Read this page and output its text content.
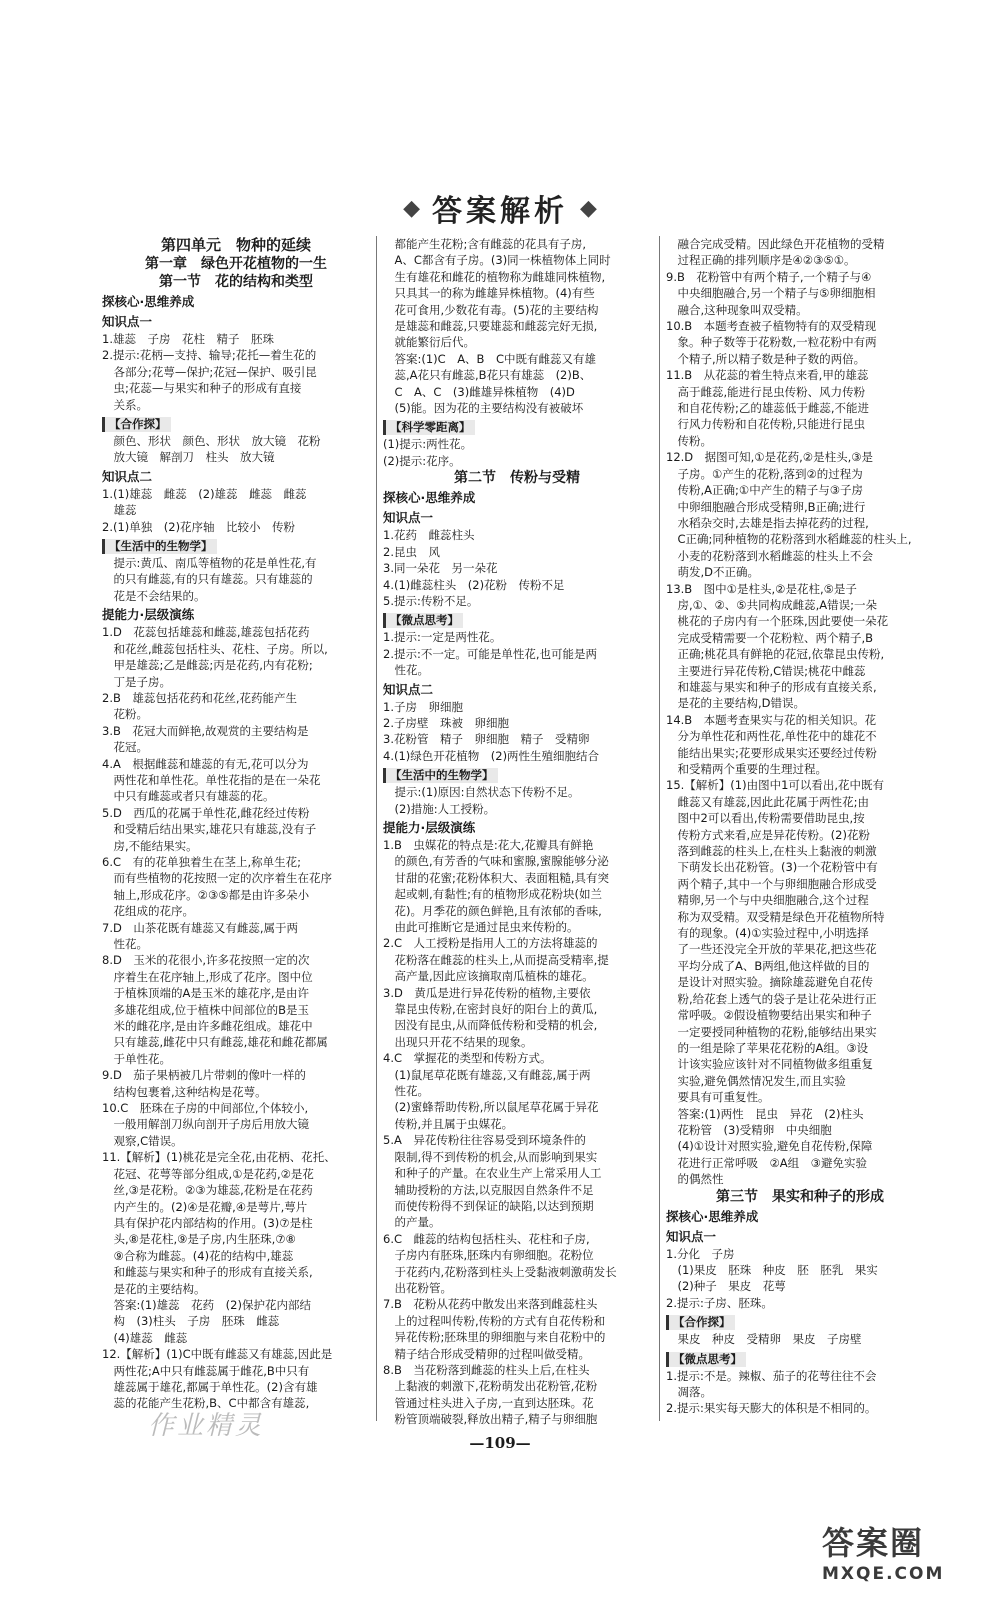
◆ 答案解析 ◆
第四单元　物种的延续
第一章　绿色开花植物的一生
第一节　花的结构和类型
探核心·思维养成
知识点一

1.雄蕊　子房　花柱　精子　胚珠

2.提示:花柄—支持、输导;花托—着生花的

　各部分;花萼—保护;花冠—保护、吸引昆

　虫;花蕊—与果实和种子的形成有直接

　关系。

【合作探】

　颜色、形状　颜色、形状　放大镜　花粉

　放大镜　解剖刀　柱头　放大镜

知识点二

1.(1)雄蕊　雌蕊　(2)雄蕊　雌蕊　雌蕊

　雄蕊

2.(1)单独　(2)花序轴　比较小　传粉

【生活中的生物学】

　提示:黄瓜、南瓜等植物的花是单性花,有

　的只有雌蕊,有的只有雄蕊。只有雄蕊的

　花是不会结果的。

提能力·层级演练

1.D　花蕊包括雄蕊和雌蕊,雄蕊包括花药

　和花丝,雌蕊包括柱头、花柱、子房。所以,

　甲是雄蕊;乙是雌蕊;丙是花药,内有花粉;

　丁是子房。

2.B　雄蕊包括花药和花丝,花药能产生

　花粉。

3.B　花冠大而鲜艳,故观赏的主要结构是

　花冠。

4.A　根据雌蕊和雄蕊的有无,花可以分为

　两性花和单性花。单性花指的是在一朵花

　中只有雌蕊或者只有雄蕊的花。

5.D　西瓜的花属于单性花,雌花经过传粉

　和受精后结出果实,雄花只有雄蕊,没有子

　房,不能结果实。

6.C　有的花单独着生在茎上,称单生花;

　而有些植物的花按照一定的次序着生在花序

　轴上,形成花序。②③⑤都是由许多朵小

　花组成的花序。

7.D　山茶花既有雄蕊又有雌蕊,属于两

　性花。

8.D　玉米的花很小,许多花按照一定的次

　序着生在花序轴上,形成了花序。图中位

　于植株顶端的A是玉米的雄花序,是由许

　多雄花组成,位于植株中间部位的B是玉

　米的雌花序,是由许多雌花组成。雄花中

　只有雄蕊,雌花中只有雌蕊,雄花和雌花都属

　于单性花。

9.D　茄子果柄被几片带刺的像叶一样的

　结构包裹着,这种结构是花萼。

10.C　胚珠在子房的中间部位,个体较小,

　一般用解剖刀纵向剖开子房后用放大镜

　观察,C错误。

11.【解析】(1)桃花是完全花,由花柄、花托、

　花冠、花萼等部分组成,①是花药,②是花

　丝,③是花粉。②③为雄蕊,花粉是在花药

　内产生的。(2)④是花瓣,④是萼片,萼片

　具有保护花内部结构的作用。(3)⑦是柱

　头,⑧是花柱,⑨是子房,内生胚珠,⑦⑧

　⑨合称为雌蕊。(4)花的结构中,雄蕊

　和雌蕊与果实和种子的形成有直接关系,

　是花的主要结构。

　答案:(1)雄蕊　花药　(2)保护花内部结

　构　(3)柱头　子房　胚珠　雌蕊

　(4)雄蕊　雌蕊

12.【解析】(1)C中既有雌蕊又有雄蕊,因此是

　两性花;A中只有雌蕊属于雌花,B中只有

　雄蕊属于雄花,都属于单性花。(2)含有雄

　蕊的花能产生花粉,B、C中都含有雄蕊,

　都能产生花粉;含有雌蕊的花具有子房,

　A、C都含有子房。(3)同一株植物体上同时

　生有雄花和雌花的植物称为雌雄同株植物,

　只具其一的称为雌雄异株植物。(4)有些

　花可食用,少数花有毒。(5)花的主要结构

　是雄蕊和雌蕊,只要雄蕊和雌蕊完好无损,

　就能繁衍后代。

　答案:(1)C　A、B　C中既有雌蕊又有雄

　蕊,A花只有雌蕊,B花只有雄蕊　(2)B、

　C　A、C　(3)雌雄异株植物　(4)D

　(5)能。因为花的主要结构没有被破坏

【科学零距离】

(1)提示:两性花。

(2)提示:花序。

第二节　传粉与受精
探核心·思维养成
知识点一

1.花药　雌蕊柱头

2.昆虫　风

3.同一朵花　另一朵花

4.(1)雌蕊柱头　(2)花粉　传粉不足

5.提示:传粉不足。

【微点思考】

1.提示:一定是两性花。

2.提示:不一定。可能是单性花,也可能是两

　性花。

知识点二

1.子房　卵细胞

2.子房壁　珠被　卵细胞

3.花粉管　精子　卵细胞　精子　受精卵

4.(1)绿色开花植物　(2)两性生殖细胞结合

【生活中的生物学】

　提示:(1)原因:自然状态下传粉不足。

　(2)措施:人工授粉。

提能力·层级演练

1.B　虫媒花的特点是:花大,花瓣具有鲜艳

　的颜色,有芳香的气味和蜜腺,蜜腺能够分泌

　甘甜的花蜜;花粉体积大、表面粗糙,具有突

　起或刺,有黏性;有的植物形成花粉块(如兰

　花)。月季花的颜色鲜艳,且有浓郁的香味,

　由此可推断它是通过昆虫来传粉的。

2.C　人工授粉是指用人工的方法将雄蕊的

　花粉落在雌蕊的柱头上,从而提高受精率,提

　高产量,因此应该摘取南瓜植株的雄花。

3.D　黄瓜是进行异花传粉的植物,主要依

　靠昆虫传粉,在密封良好的阳台上的黄瓜,

　因没有昆虫,从而降低传粉和受精的机会,

　出现只开花不结果的现象。

4.C　掌握花的类型和传粉方式。

　(1)鼠尾草花既有雄蕊,又有雌蕊,属于两

　性花。

　(2)蜜蜂帮助传粉,所以鼠尾草花属于异花

　传粉,并且属于虫媒花。

5.A　异花传粉往往容易受到环境条件的

　限制,得不到传粉的机会,从而影响到果实

　和种子的产量。在农业生产上常采用人工

　辅助授粉的方法,以克服因自然条件不足

　而使传粉得不到保证的缺陷,以达到预期

　的产量。

6.C　雌蕊的结构包括柱头、花柱和子房,

　子房内有胚珠,胚珠内有卵细胞。花粉位

　于花药内,花粉落到柱头上受黏液刺激萌发长

　出花粉管。

7.B　花粉从花药中散发出来落到雌蕊柱头

　上的过程叫传粉,传粉的方式有自花传粉和

　异花传粉;胚珠里的卵细胞与来自花粉中的

　精子结合形成受精卵的过程叫做受精。

8.B　当花粉落到雌蕊的柱头上后,在柱头

　上黏液的刺激下,花粉萌发出花粉管,花粉

　管通过柱头进入子房,一直到达胚珠。花

　粉管顶端破裂,释放出精子,精子与卵细胞

　融合完成受精。因此绿色开花植物的受精

　过程正确的排列顺序是④②③⑤①。

9.B　花粉管中有两个精子,一个精子与④

　中央细胞融合,另一个精子与⑤卵细胞相

　融合,这种现象叫双受精。

10.B　本题考查被子植物特有的双受精现

　象。种子数等于花粉数,一粒花粉中有两

　个精子,所以精子数是种子数的两倍。

11.B　从花蕊的着生特点来看,甲的雄蕊

　高于雌蕊,能进行昆虫传粉、风力传粉

　和自花传粉;乙的雄蕊低于雌蕊,不能进

　行风力传粉和自花传粉,只能进行昆虫

　传粉。

12.D　据图可知,①是花药,②是柱头,③是

　子房。①产生的花粉,落到②的过程为

　传粉,A正确;①中产生的精子与③子房

　中卵细胞融合形成受精卵,B正确;进行

　水稻杂交时,去雄是指去掉花药的过程,

　C正确;同种植物的花粉落到水稻雌蕊的柱头上,

　小麦的花粉落到水稻雌蕊的柱头上不会

　萌发,D不正确。

13.B　图中①是柱头,②是花柱,⑤是子

　房,①、②、⑤共同构成雌蕊,A错误;一朵

　桃花的子房内有一个胚珠,因此要使一朵花

　完成受精需要一个花粉粒、两个精子,B

　正确;桃花具有鲜艳的花冠,依靠昆虫传粉,

　主要进行异花传粉,C错误;桃花中雌蕊

　和雄蕊与果实和种子的形成有直接关系,

　是花的主要结构,D错误。

14.B　本题考查果实与花的相关知识。花

　分为单性花和两性花,单性花中的雄花不

　能结出果实;花要形成果实还要经过传粉

　和受精两个重要的生理过程。

15.【解析】(1)由图中1可以看出,花中既有

　雌蕊又有雄蕊,因此此花属于两性花;由

　图中2可以看出,传粉需要借助昆虫,按

　传粉方式来看,应是异花传粉。(2)花粉

　落到雌蕊的柱头上,在柱头上黏液的刺激

　下萌发长出花粉管。(3)一个花粉管中有

　两个精子,其中一个与卵细胞融合形成受

　精卵,另一个与中央细胞融合,这个过程

　称为双受精。双受精是绿色开花植物所特

　有的现象。(4)①实验过程中,小明选择

　了一些还没完全开放的苹果花,把这些花

　平均分成了A、B两组,他这样做的目的

　是设计对照实验。摘除雄蕊避免自花传

　粉,给花套上透气的袋子是让花朵进行正

　常呼吸。②假设植物要结出果实和种子

　一定要授同种植物的花粉,能够结出果实

　的一组是除了苹果花花粉的A组。③设

　计该实验应该针对不同植物做多组重复

　实验,避免偶然情况发生,而且实验

　要具有可重复性。

　答案:(1)两性　昆虫　异花　(2)柱头

　花粉管　(3)受精卵　中央细胞

　(4)①设计对照实验,避免自花传粉,保障

　花进行正常呼吸　②A组　③避免实验

　的偶然性

第三节　果实和种子的形成
探核心·思维养成
知识点一

1.分化　子房

　(1)果皮　胚珠　种皮　胚　胚乳　果实

　(2)种子　果皮　花萼

2.提示:子房、胚珠。

【合作探】

　果皮　种皮　受精卵　果皮　子房壁

【微点思考】

1.提示:不是。辣椒、茄子的花萼往往不会

　凋落。

2.提示:果实每天膨大的体积是不相同的。

作业精灵
—109—
答案圈
MXQE.COM
